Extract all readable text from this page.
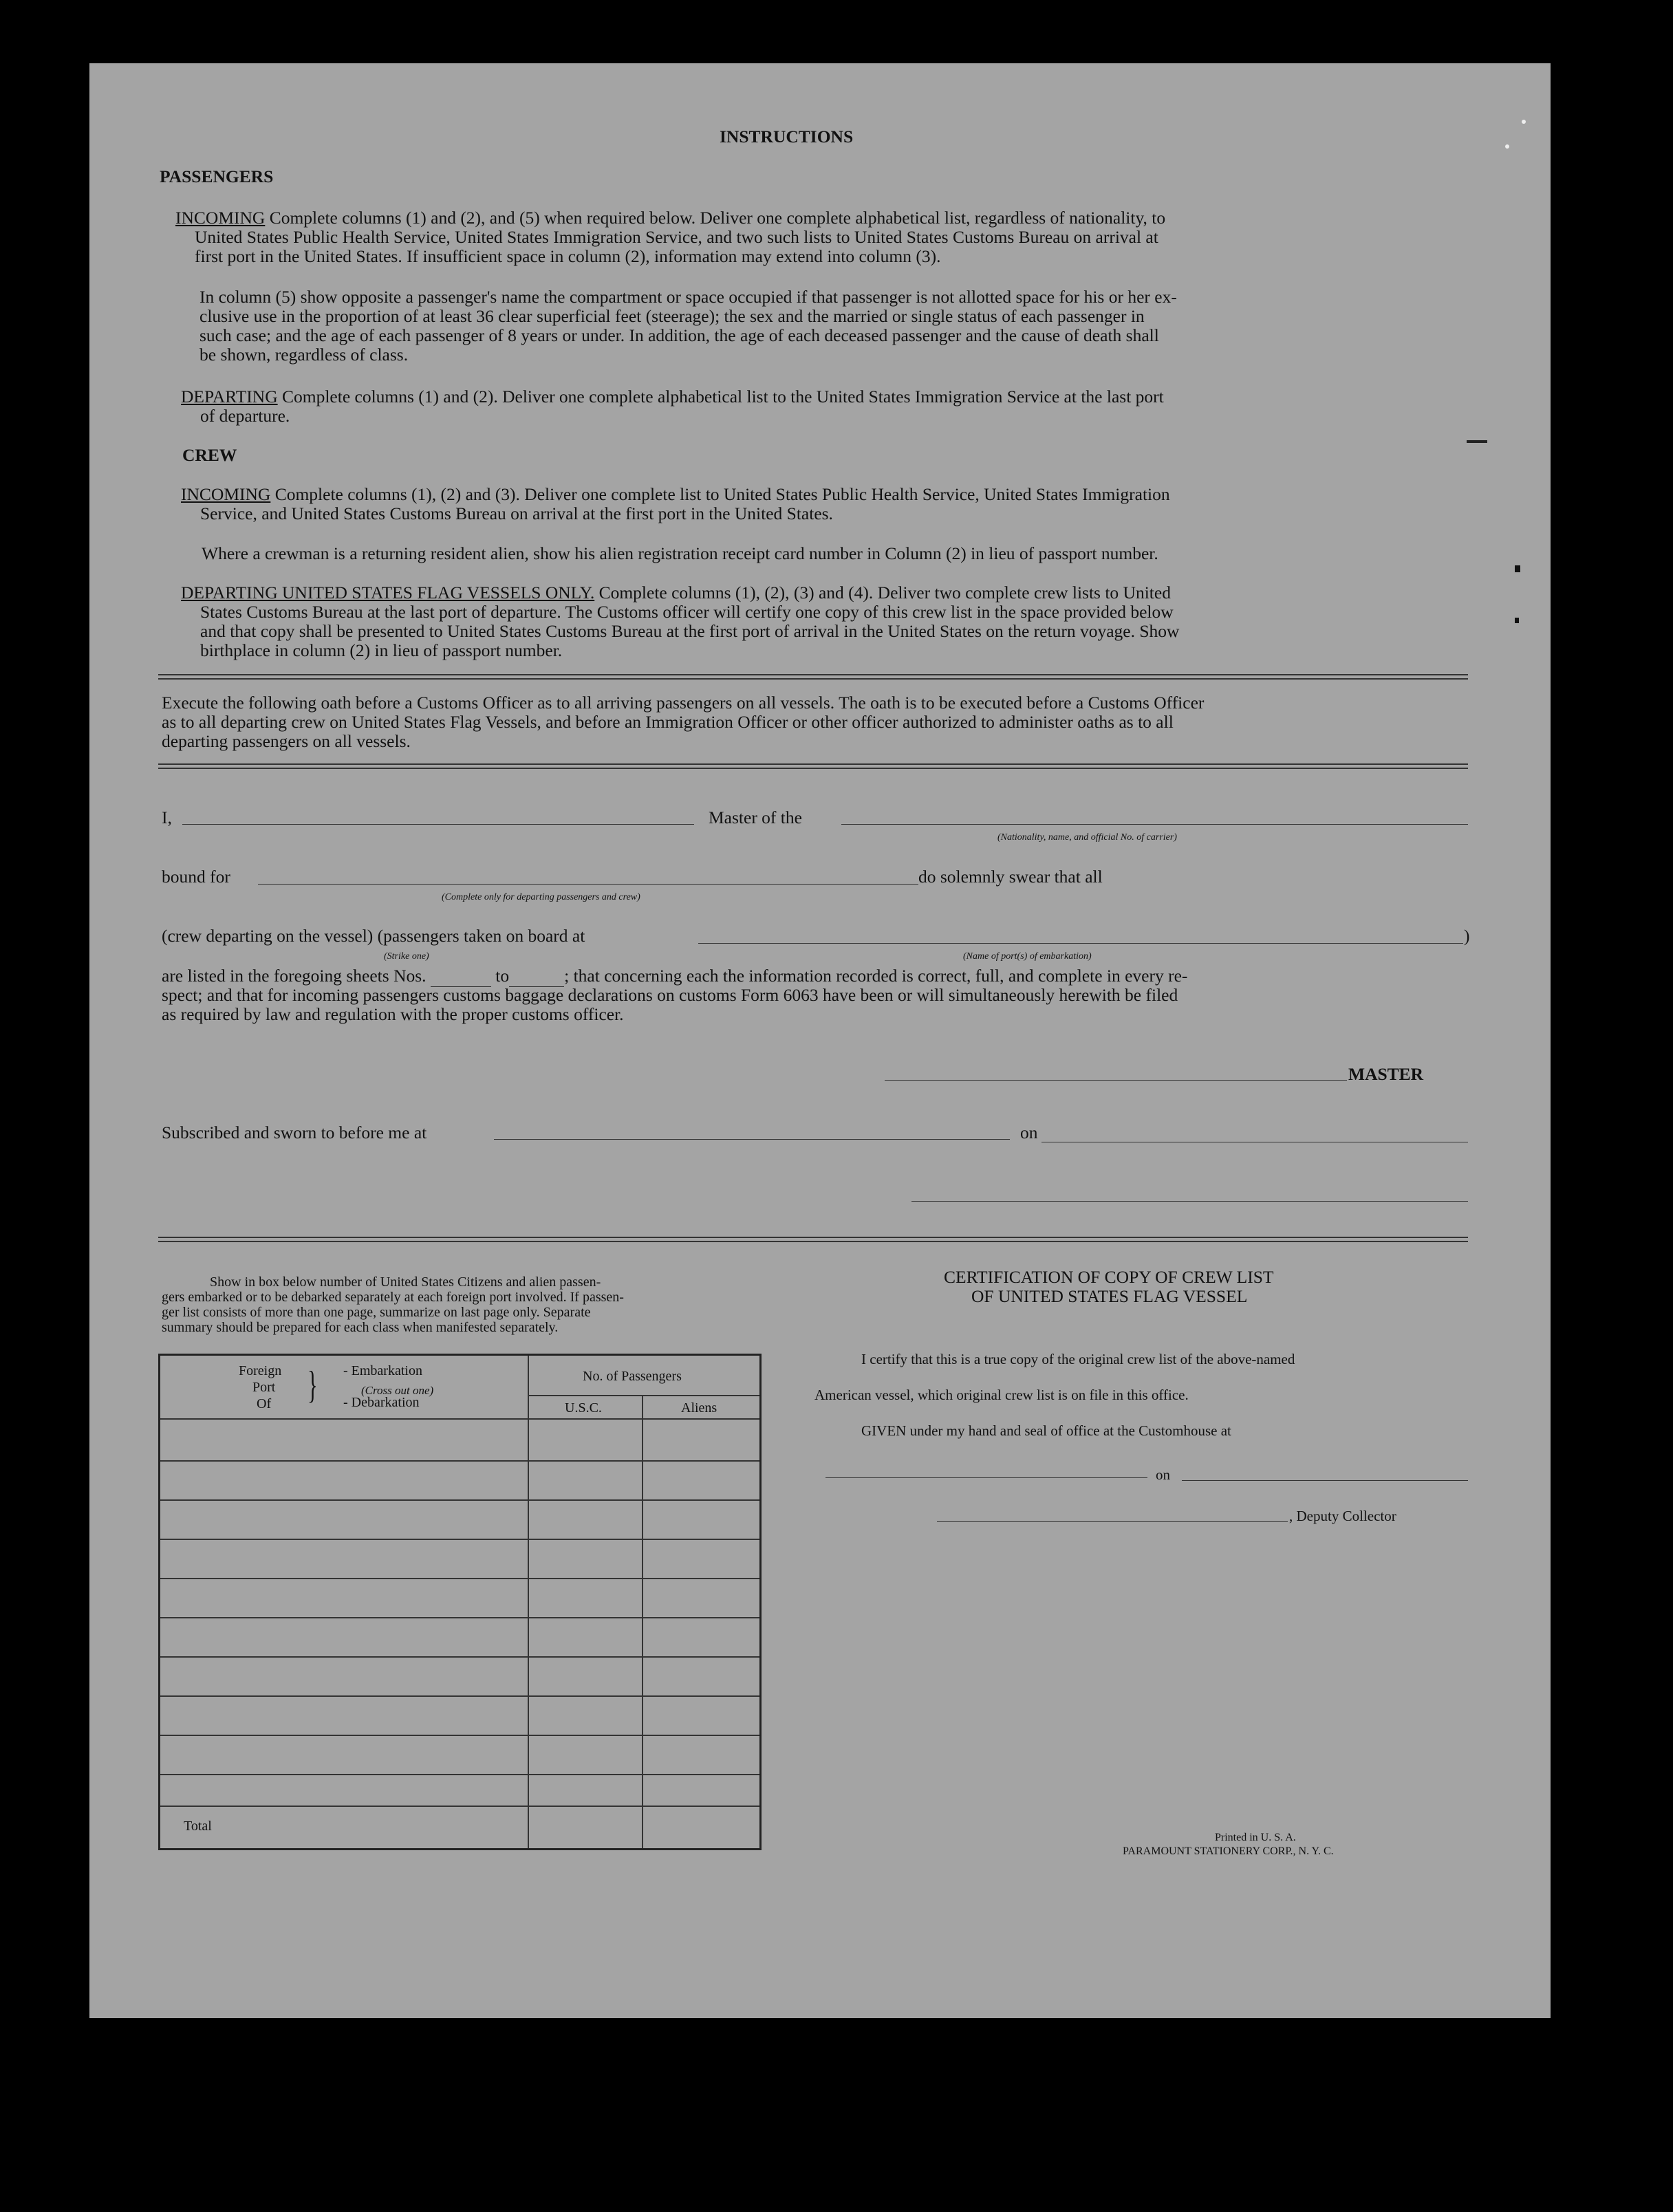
INSTRUCTIONS
PASSENGERS
INCOMING Complete columns (1) and (2), and (5) when required below. Deliver one complete alphabetical list, regardless of nationality, to
United States Public Health Service, United States Immigration Service, and two such lists to United States Customs Bureau on arrival at
first port in the United States. If insufficient space in column (2), information may extend into column (3).
In column (5) show opposite a passenger's name the compartment or space occupied if that passenger is not allotted space for his or her ex-
clusive use in the proportion of at least 36 clear superficial feet (steerage); the sex and the married or single status of each passenger in
such case; and the age of each passenger of 8 years or under. In addition, the age of each deceased passenger and the cause of death shall
be shown, regardless of class.
DEPARTING Complete columns (1) and (2). Deliver one complete alphabetical list to the United States Immigration Service at the last port
of departure.
CREW
INCOMING Complete columns (1), (2) and (3). Deliver one complete list to United States Public Health Service, United States Immigration
Service, and United States Customs Bureau on arrival at the first port in the United States.
Where a crewman is a returning resident alien, show his alien registration receipt card number in Column (2) in lieu of passport number.
DEPARTING UNITED STATES FLAG VESSELS ONLY. Complete columns (1), (2), (3) and (4). Deliver two complete crew lists to United
States Customs Bureau at the last port of departure. The Customs officer will certify one copy of this crew list in the space provided below
and that copy shall be presented to United States Customs Bureau at the first port of arrival in the United States on the return voyage. Show
birthplace in column (2) in lieu of passport number.
Execute the following oath before a Customs Officer as to all arriving passengers on all vessels. The oath is to be executed before a Customs Officer
as to all departing crew on United States Flag Vessels, and before an Immigration Officer or other officer authorized to administer oaths as to all
departing passengers on all vessels.
I,	Master of the
(Nationality, name, and official No. of carrier)
bound for
(Complete only for departing passengers and crew)
do solemnly swear that all
(crew departing on the vessel) (passengers taken on board at	)
(Strike one)	(Name of port(s) of embarkation)
are listed in the foregoing sheets Nos.	to	; that concerning each the information recorded is correct, full, and complete in every re-
spect; and that for incoming passengers customs baggage declarations on customs Form 6063 have been or will simultaneously herewith be filed
as required by law and regulation with the proper customs officer.
MASTER
Subscribed and sworn to before me at	on
Show in box below number of United States Citizens and alien passen-
gers embarked or to be debarked separately at each foreign port involved. If passen-
ger list consists of more than one page, summarize on last page only. Separate
summary should be prepared for each class when manifested separately.
Foreign
Port
Of } - Embarkation
(Cross out one)
- Debarkation
No. of Passengers
U.S.C.	Aliens
Total
CERTIFICATION OF COPY OF CREW LIST
OF UNITED STATES FLAG VESSEL
I certify that this is a true copy of the original crew list of the above-named
American vessel, which original crew list is on file in this office.
GIVEN under my hand and seal of office at the Customhouse at
on
, Deputy Collector
Printed in U. S. A.
PARAMOUNT STATIONERY CORP., N. Y. C.
